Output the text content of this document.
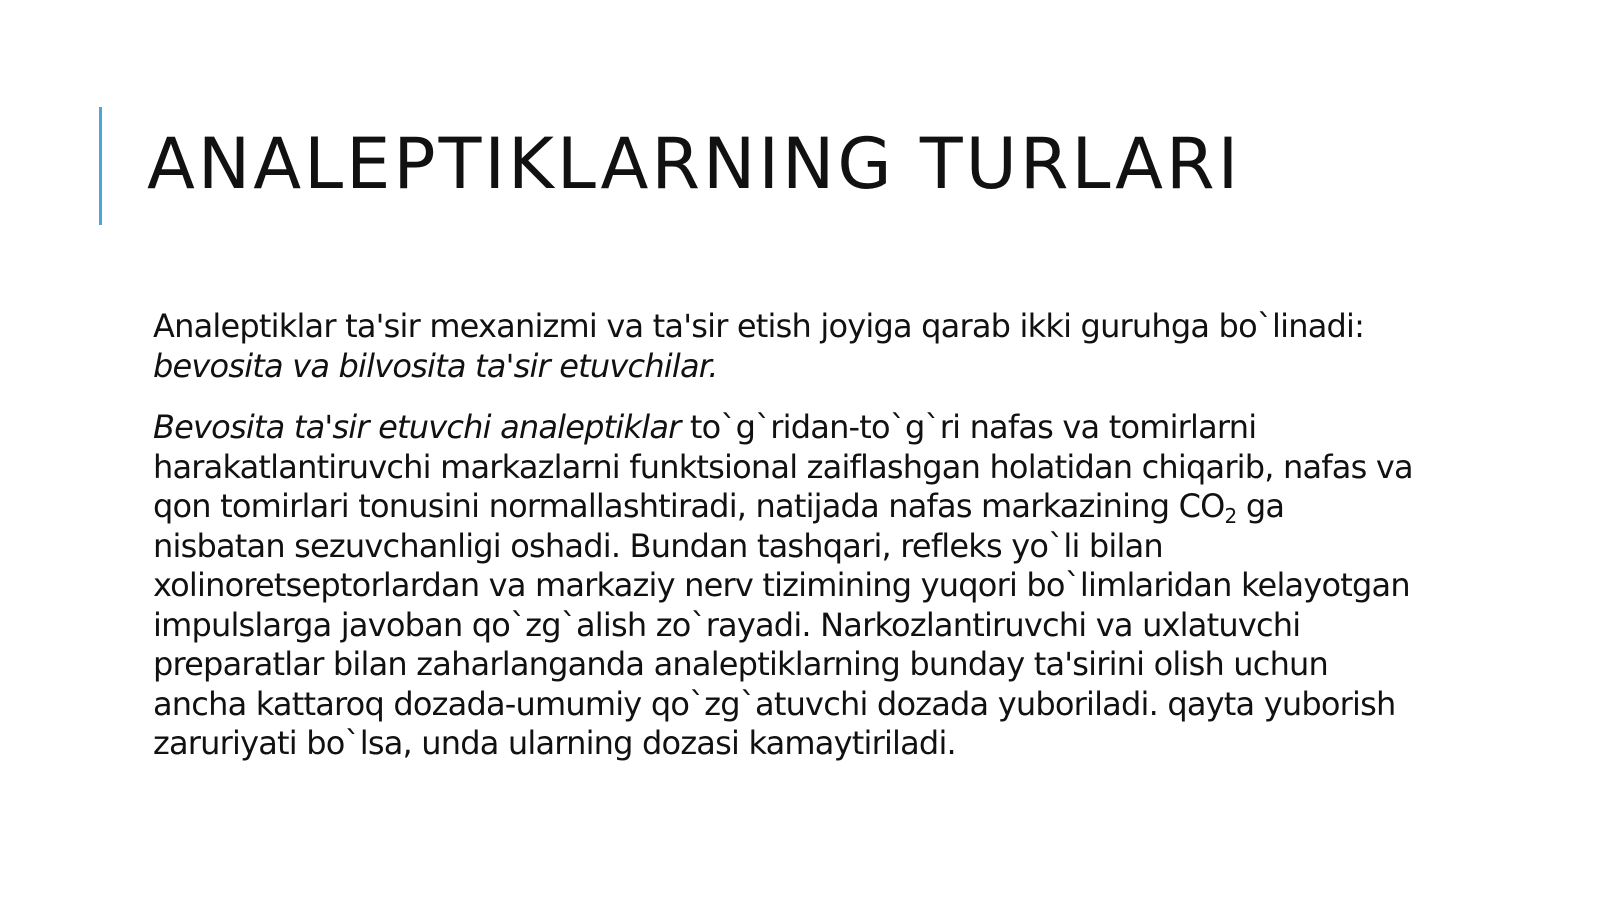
ANALEPTIKLARNING TURLARI

Analeptiklar ta'sir mexanizmi va ta'sir etish joyiga qarab ikki guruhga bo`linadi: bevosita va bilvosita ta'sir etuvchilar.

Bevosita ta'sir etuvchi analeptiklar to`g`ridan-to`g`ri nafas va tomirlarni harakatlantiruvchi markazlarni funktsional zaiflashgan holatidan chiqarib, nafas va qon tomirlari tonusini normallashtiradi, natijada nafas markazining $CO_2$ ga nisbatan sezuvchanligi oshadi. Bundan tashqari, refleks yo`li bilan xolinoretseptorlardan va markaziy nerv tizimining yuqori bo`limlaridan kelayotgan impulslarga javoban qo`zg`alish zo`rayadi. Narkozlantiruvchi va uxlatuvchi preparatlar bilan zaharlanganda analeptiklarning bunday ta'sirini olish uchun ancha kattaroq dozada-umumiy qo`zg`atuvchi dozada yuboriladi. qayta yuborish zaruriyati bo`lsa, unda ularning dozasi kamaytiriladi.
